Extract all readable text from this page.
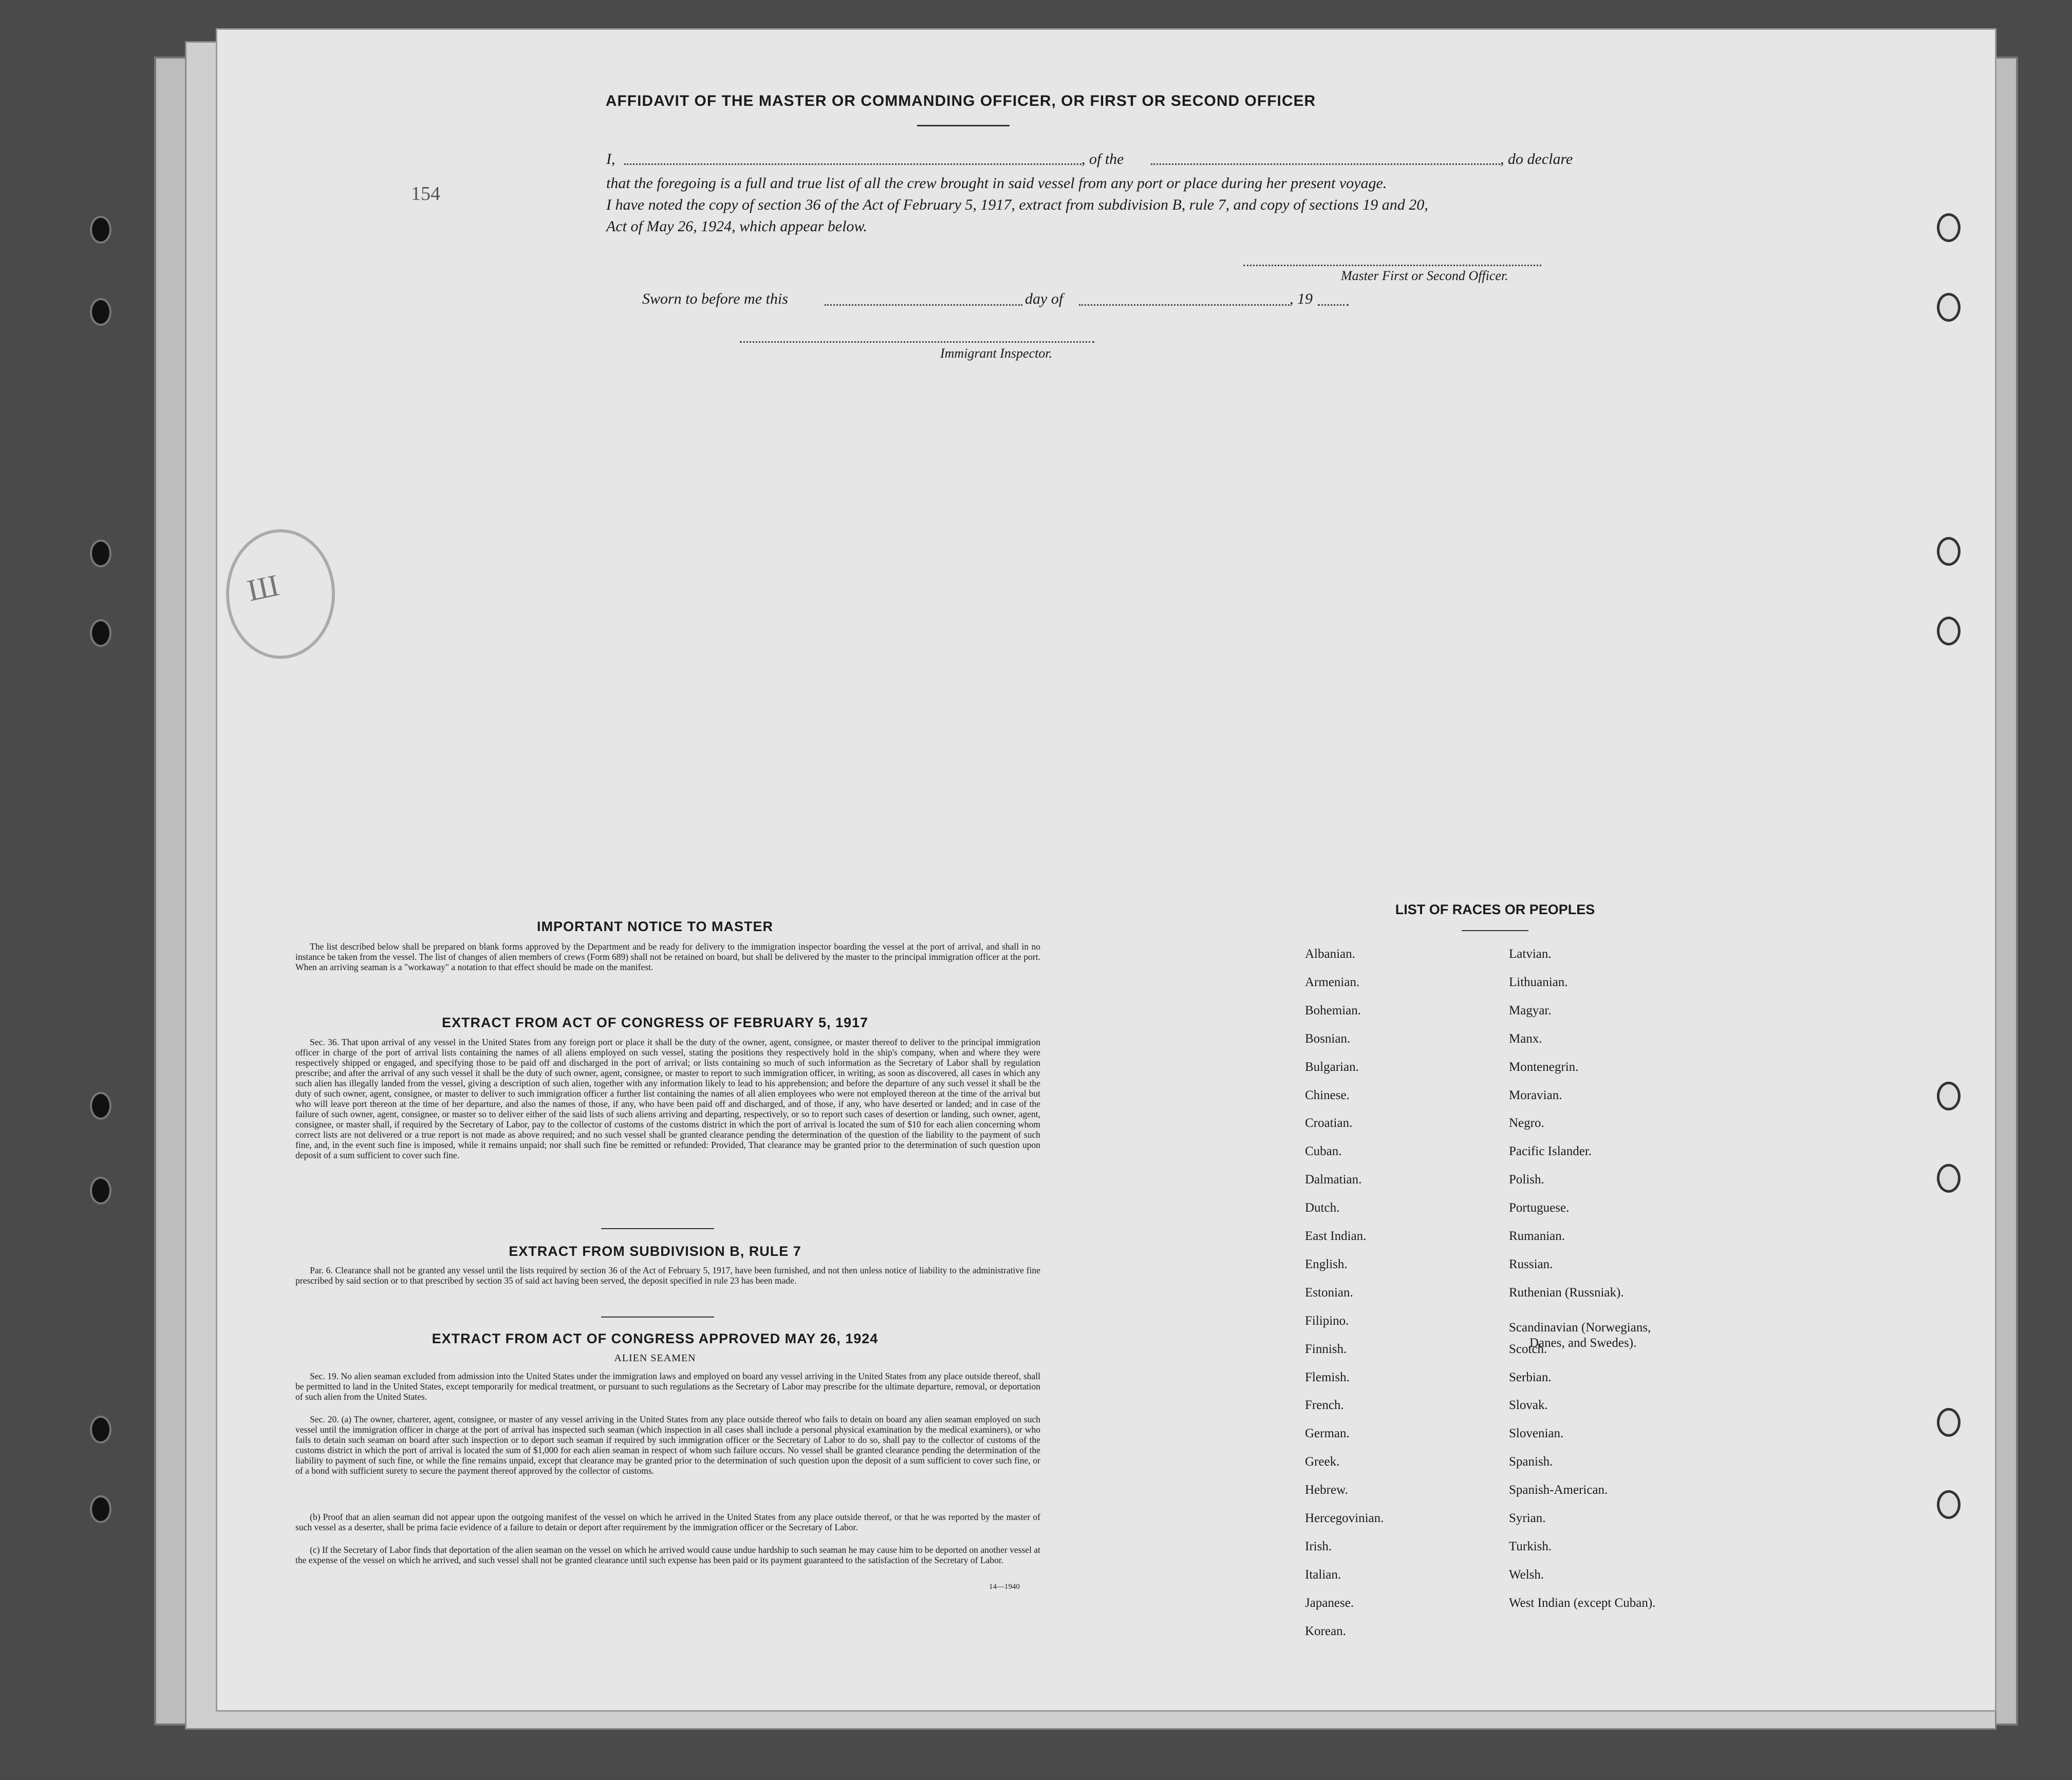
Ш
154
AFFIDAVIT OF THE MASTER OR COMMANDING OFFICER, OR FIRST OR SECOND OFFICER
I,	, of the	, do declare
that the foregoing is a full and true list of all the crew brought in said vessel from any port or place during her present voyage.
I have noted the copy of section 36 of the Act of February 5, 1917, extract from subdivision B, rule 7, and copy of sections 19 and 20,
Act of May 26, 1924, which appear below.
Master First or Second Officer.
Sworn to before me this	day of	, 19
Immigrant Inspector.
IMPORTANT NOTICE TO MASTER
The list described below shall be prepared on blank forms approved by the Department and be ready for delivery to the immigration inspector boarding the vessel at the port of arrival, and shall in no instance be taken from the vessel. The list of changes of alien members of crews (Form 689) shall not be retained on board, but shall be delivered by the master to the principal immigration officer at the port. When an arriving seaman is a "workaway" a notation to that effect should be made on the manifest.
EXTRACT FROM ACT OF CONGRESS OF FEBRUARY 5, 1917
Sec. 36. That upon arrival of any vessel in the United States from any foreign port or place it shall be the duty of the owner, agent, consignee, or master thereof to deliver to the principal immigration officer in charge of the port of arrival lists containing the names of all aliens employed on such vessel, stating the positions they respectively hold in the ship's company, when and where they were respectively shipped or engaged, and specifying those to be paid off and discharged in the port of arrival; or lists containing so much of such information as the Secretary of Labor shall by regulation prescribe; and after the arrival of any such vessel it shall be the duty of such owner, agent, consignee, or master to report to such immigration officer, in writing, as soon as discovered, all cases in which any such alien has illegally landed from the vessel, giving a description of such alien, together with any information likely to lead to his apprehension; and before the departure of any such vessel it shall be the duty of such owner, agent, consignee, or master to deliver to such immigration officer a further list containing the names of all alien employees who were not employed thereon at the time of the arrival but who will leave port thereon at the time of her departure, and also the names of those, if any, who have been paid off and discharged, and of those, if any, who have deserted or landed; and in case of the failure of such owner, agent, consignee, or master so to deliver either of the said lists of such aliens arriving and departing, respectively, or so to report such cases of desertion or landing, such owner, agent, consignee, or master shall, if required by the Secretary of Labor, pay to the collector of customs of the customs district in which the port of arrival is located the sum of $10 for each alien concerning whom correct lists are not delivered or a true report is not made as above required; and no such vessel shall be granted clearance pending the determination of the question of the liability to the payment of such fine, and, in the event such fine is imposed, while it remains unpaid; nor shall such fine be remitted or refunded: Provided, That clearance may be granted prior to the determination of such question upon deposit of a sum sufficient to cover such fine.
EXTRACT FROM SUBDIVISION B, RULE 7
Par. 6. Clearance shall not be granted any vessel until the lists required by section 36 of the Act of February 5, 1917, have been furnished, and not then unless notice of liability to the administrative fine prescribed by said section or to that prescribed by section 35 of said act having been served, the deposit specified in rule 23 has been made.
EXTRACT FROM ACT OF CONGRESS APPROVED MAY 26, 1924
ALIEN SEAMEN
Sec. 19. No alien seaman excluded from admission into the United States under the immigration laws and employed on board any vessel arriving in the United States from any place outside thereof, shall be permitted to land in the United States, except temporarily for medical treatment, or pursuant to such regulations as the Secretary of Labor may prescribe for the ultimate departure, removal, or deportation of such alien from the United States.
Sec. 20. (a) The owner, charterer, agent, consignee, or master of any vessel arriving in the United States from any place outside thereof who fails to detain on board any alien seaman employed on such vessel until the immigration officer in charge at the port of arrival has inspected such seaman (which inspection in all cases shall include a personal physical examination by the medical examiners), or who fails to detain such seaman on board after such inspection or to deport such seaman if required by such immigration officer or the Secretary of Labor to do so, shall pay to the collector of customs of the customs district in which the port of arrival is located the sum of $1,000 for each alien seaman in respect of whom such failure occurs. No vessel shall be granted clearance pending the determination of the liability to payment of such fine, or while the fine remains unpaid, except that clearance may be granted prior to the determination of such question upon the deposit of a sum sufficient to cover such fine, or of a bond with sufficient surety to secure the payment thereof approved by the collector of customs.
(b) Proof that an alien seaman did not appear upon the outgoing manifest of the vessel on which he arrived in the United States from any place outside thereof, or that he was reported by the master of such vessel as a deserter, shall be prima facie evidence of a failure to detain or deport after requirement by the immigration officer or the Secretary of Labor.
(c) If the Secretary of Labor finds that deportation of the alien seaman on the vessel on which he arrived would cause undue hardship to such seaman he may cause him to be deported on another vessel at the expense of the vessel on which he arrived, and such vessel shall not be granted clearance until such expense has been paid or its payment guaranteed to the satisfaction of the Secretary of Labor.
14—1940
LIST OF RACES OR PEOPLES
Albanian.
Armenian.
Bohemian.
Bosnian.
Bulgarian.
Chinese.
Croatian.
Cuban.
Dalmatian.
Dutch.
East Indian.
English.
Estonian.
Filipino.
Finnish.
Flemish.
French.
German.
Greek.
Hebrew.
Hercegovinian.
Irish.
Italian.
Japanese.
Korean.
Latvian.
Lithuanian.
Magyar.
Manx.
Montenegrin.
Moravian.
Negro.
Pacific Islander.
Polish.
Portuguese.
Rumanian.
Russian.
Ruthenian (Russniak).
Scandinavian (Norwegians,
Danes, and Swedes).
Scotch.
Serbian.
Slovak.
Slovenian.
Spanish.
Spanish-American.
Syrian.
Turkish.
Welsh.
West Indian (except Cuban).
